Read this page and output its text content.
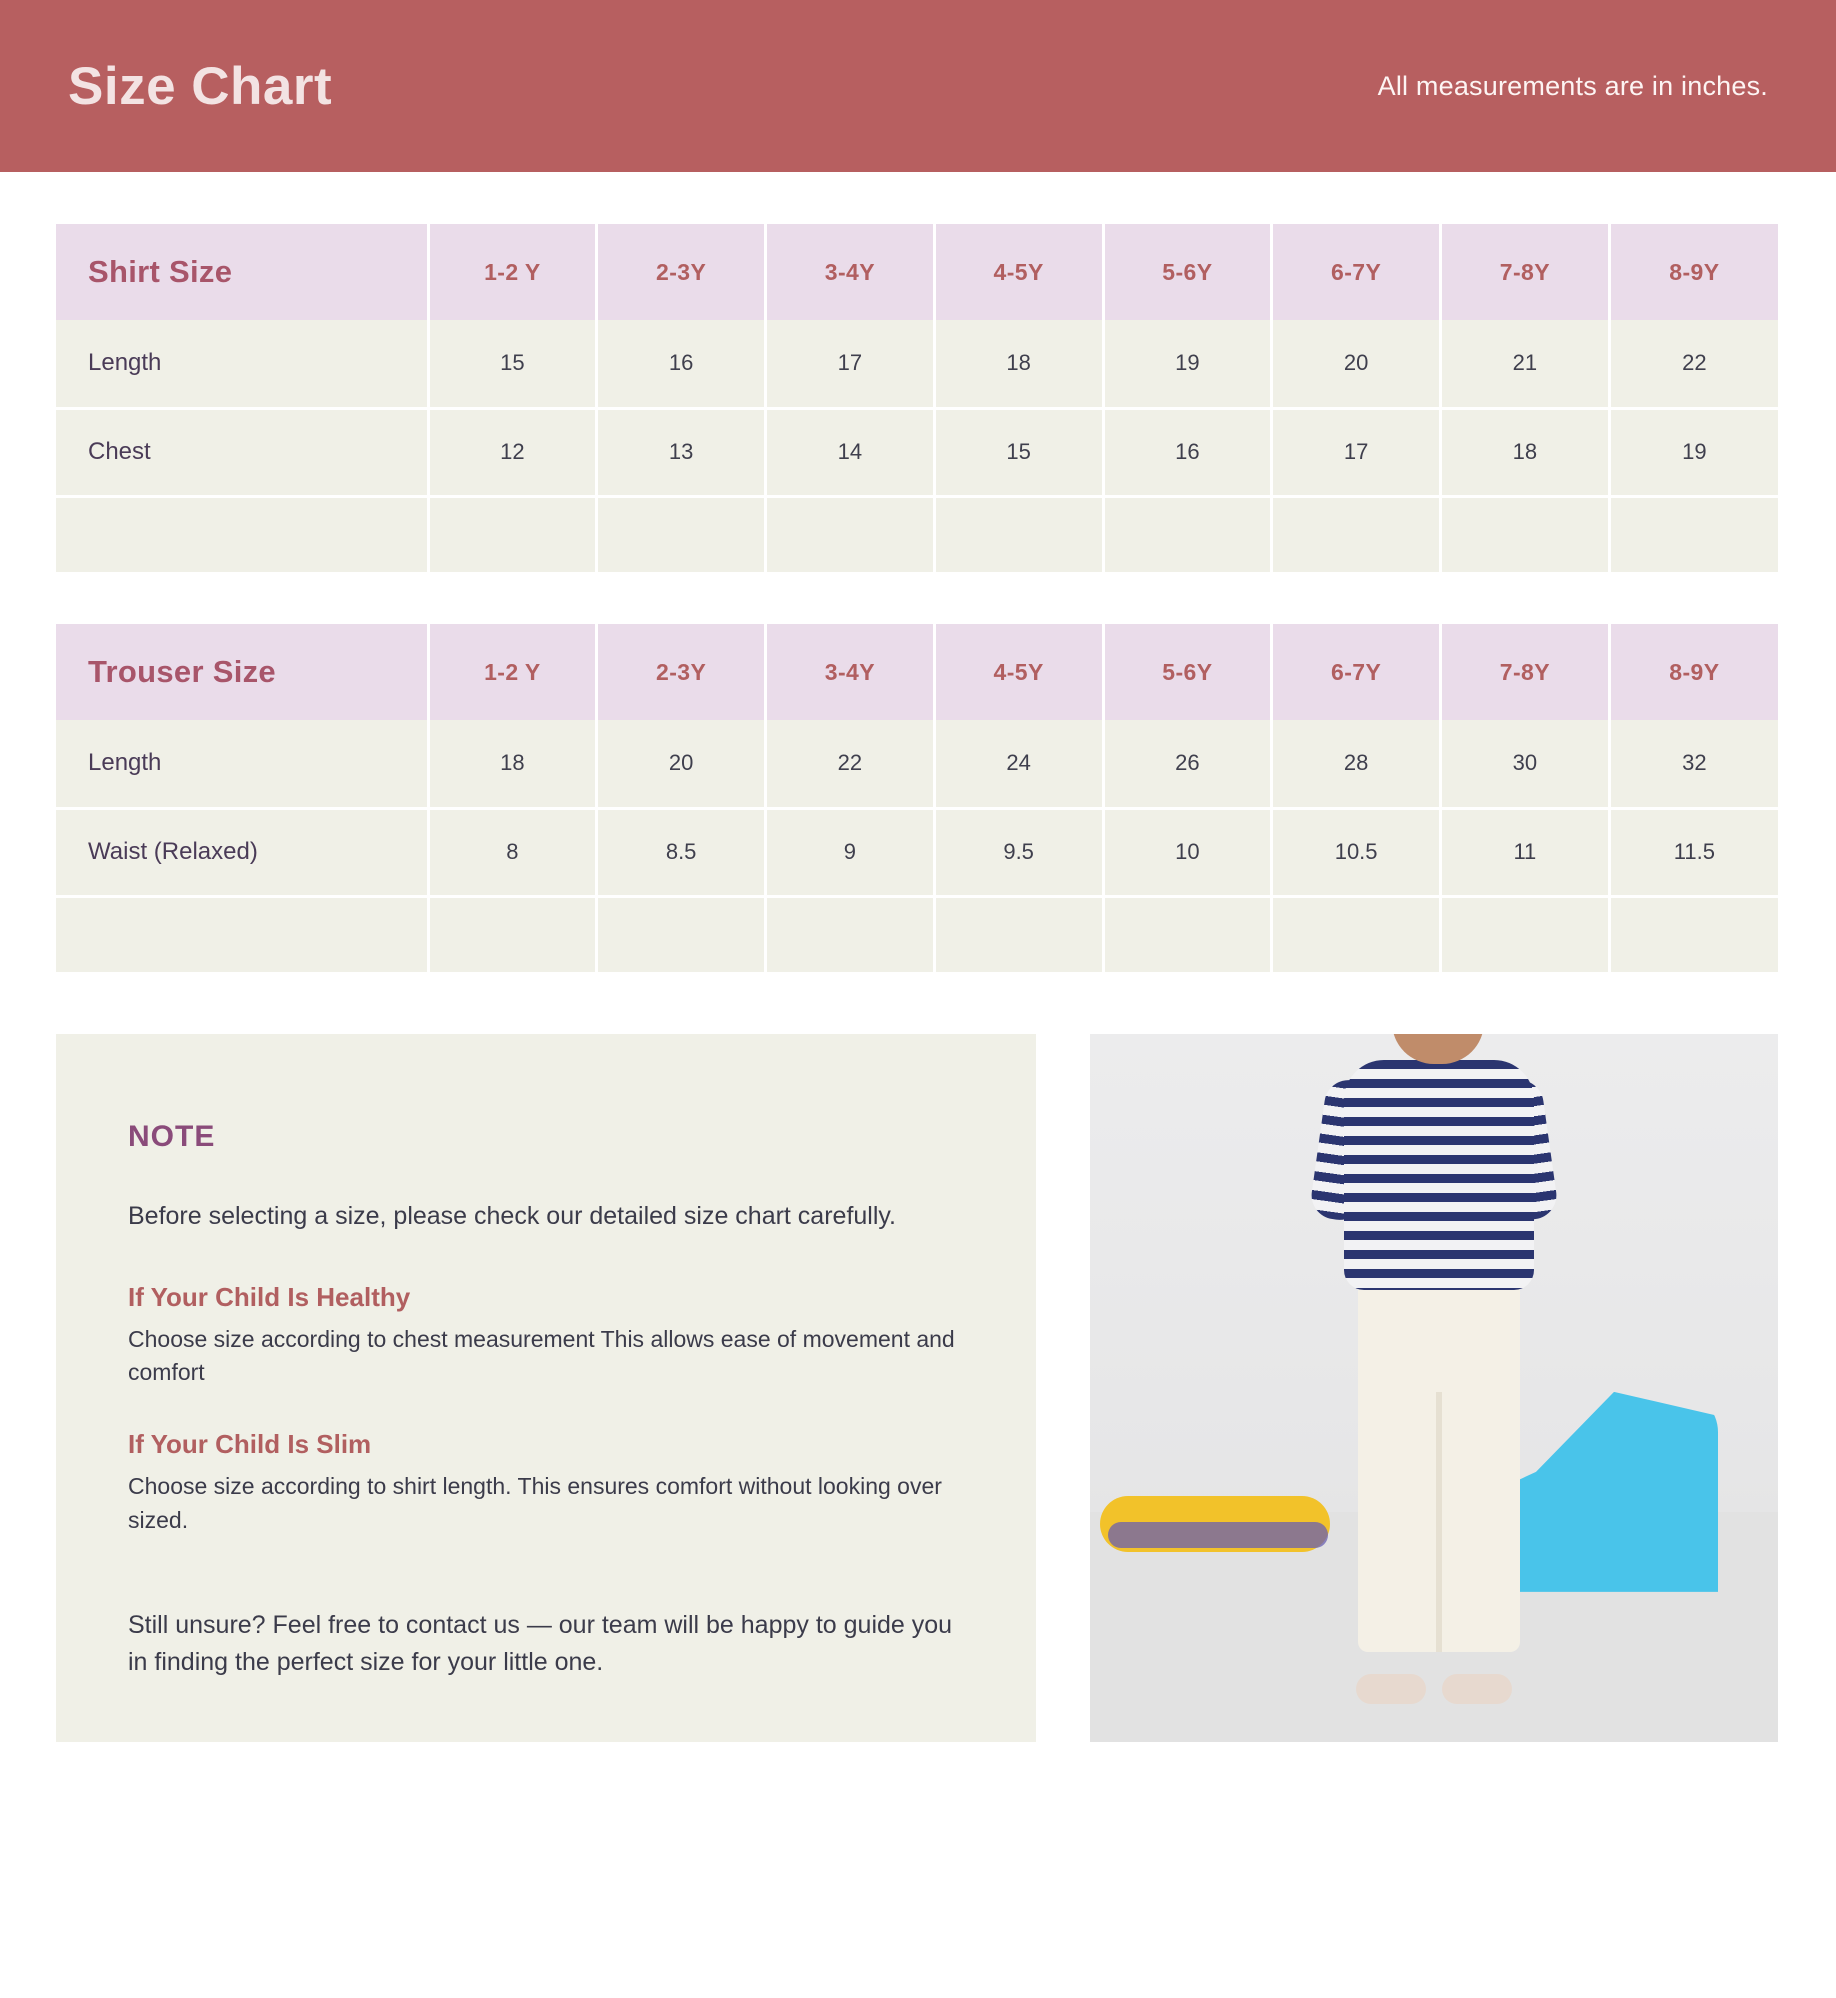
Size Chart	All measurements are in inches.
Shirt Size	1-2 Y	2-3Y	3-4Y	4-5Y	5-6Y	6-7Y	7-8Y	8-9Y
Length	15	16	17	18	19	20	21	22
Chest	12	13	14	15	16	17	18	19

Trouser Size	1-2 Y	2-3Y	3-4Y	4-5Y	5-6Y	6-7Y	7-8Y	8-9Y
Length	18	20	22	24	26	28	30	32
Waist (Relaxed)	8	8.5	9	9.5	10	10.5	11	11.5

NOTE
Before selecting a size, please check our detailed size chart carefully.
If Your Child Is Healthy
Choose size according to chest measurement This allows ease of movement and comfort
If Your Child Is Slim
Choose size according to shirt length. This ensures comfort without looking over sized.
Still unsure? Feel free to contact us — our team will be happy to guide you in finding the perfect size for your little one.
